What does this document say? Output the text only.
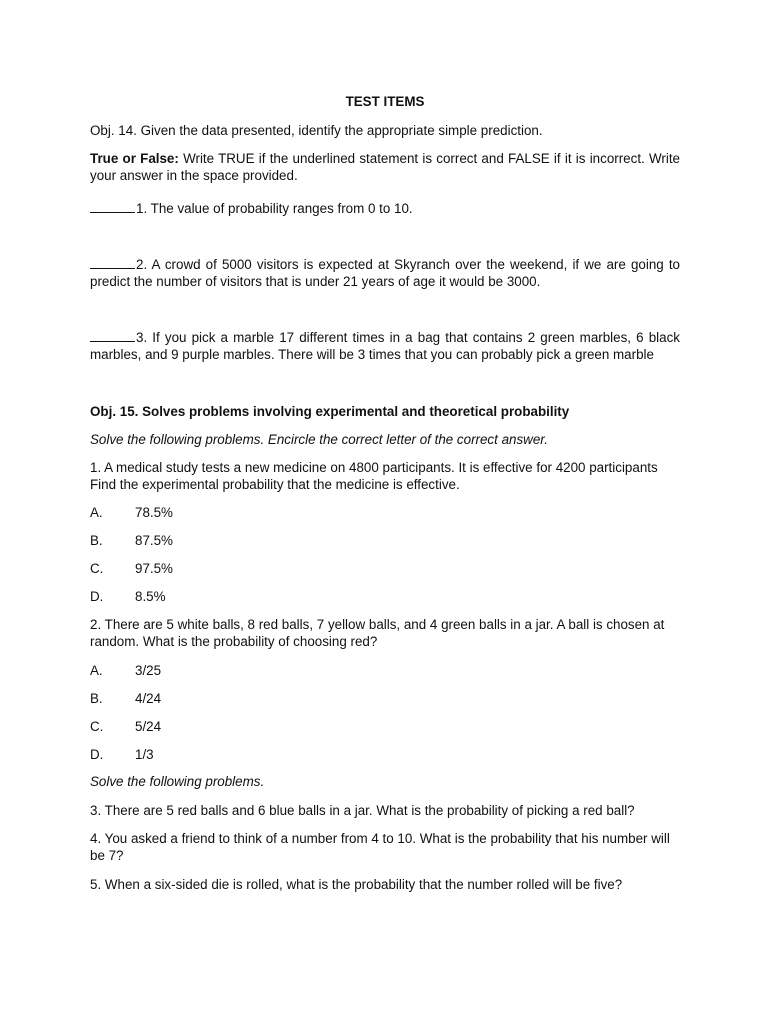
TEST ITEMS
Obj. 14. Given the data presented, identify the appropriate simple prediction.
True or False: Write TRUE if the underlined statement is correct and FALSE if it is incorrect. Write your answer in the space provided.
1. The value of probability ranges from 0 to 10.
2. A crowd of 5000 visitors is expected at Skyranch over the weekend, if we are going to predict the number of visitors that is under 21 years of age it would be 3000.
3. If you pick a marble 17 different times in a bag that contains 2 green marbles, 6 black marbles, and 9 purple marbles. There will be 3 times that you can probably pick a green marble
Obj. 15. Solves problems involving experimental and theoretical probability
Solve the following problems. Encircle the correct letter of the correct answer.
1. A medical study tests a new medicine on 4800 participants. It is effective for 4200 participants Find the experimental probability that the medicine is effective.
A. 78.5%
B. 87.5%
C. 97.5%
D. 8.5%
2. There are 5 white balls, 8 red balls, 7 yellow balls, and 4 green balls in a jar. A ball is chosen at random. What is the probability of choosing red?
A. 3/25
B. 4/24
C. 5/24
D. 1/3
Solve the following problems.
3. There are 5 red balls and 6 blue balls in a jar. What is the probability of picking a red ball?
4. You asked a friend to think of a number from 4 to 10. What is the probability that his number will be 7?
5. When a six-sided die is rolled, what is the probability that the number rolled will be five?
